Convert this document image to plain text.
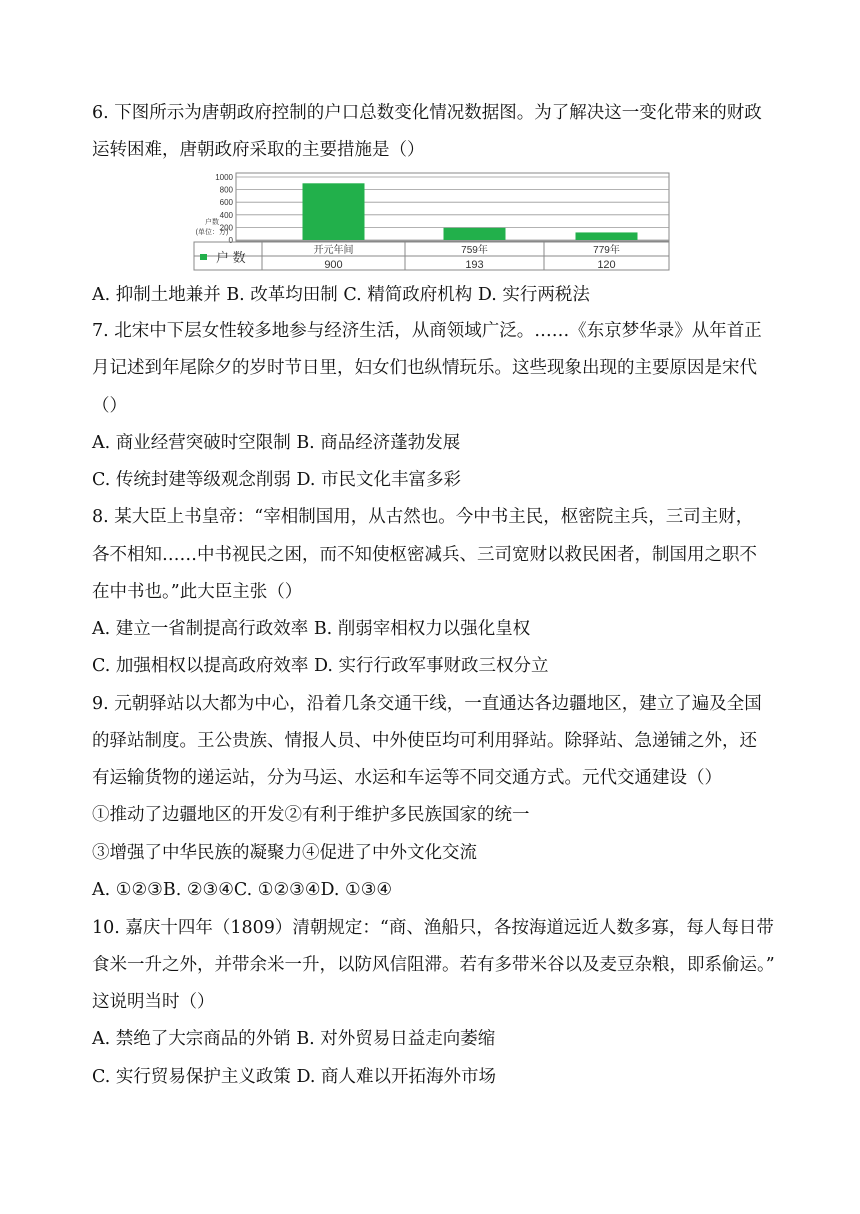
6. 下图所示为唐朝政府控制的户口总数变化情况数据图。为了解决这一变化带来的财政
运转困难，唐朝政府采取的主要措施是（）
0
200
400
600
800
1000
户数
(单位：万)
户 数	开元年间
900
759年
193
779年
120
A. 抑制土地兼并 B. 改革均田制 C. 精简政府机构 D. 实行两税法
7. 北宋中下层女性较多地参与经济生活，从商领域广泛。……《东京梦华录》从年首正
月记述到年尾除夕的岁时节日里，妇女们也纵情玩乐。这些现象出现的主要原因是宋代
（）
A. 商业经营突破时空限制 B. 商品经济蓬勃发展
C. 传统封建等级观念削弱 D. 市民文化丰富多彩
8. 某大臣上书皇帝：“宰相制国用，从古然也。今中书主民，枢密院主兵，三司主财，
各不相知……中书视民之困，而不知使枢密减兵、三司宽财以救民困者，制国用之职不
在中书也。”此大臣主张（）
A. 建立一省制提高行政效率 B. 削弱宰相权力以强化皇权
C. 加强相权以提高政府效率 D. 实行行政军事财政三权分立
9. 元朝驿站以大都为中心，沿着几条交通干线，一直通达各边疆地区，建立了遍及全国
的驿站制度。王公贵族、情报人员、中外使臣均可利用驿站。除驿站、急递铺之外，还
有运输货物的递运站，分为马运、水运和车运等不同交通方式。元代交通建设（）
①推动了边疆地区的开发②有利于维护多民族国家的统一
③增强了中华民族的凝聚力④促进了中外文化交流
A. ①②③B. ②③④C. ①②③④D. ①③④
10. 嘉庆十四年（1809）清朝规定：“商、渔船只，各按海道远近人数多寡，每人每日带
食米一升之外，并带余米一升，以防风信阻滞。若有多带米谷以及麦豆杂粮，即系偷运。”
这说明当时（）
A. 禁绝了大宗商品的外销 B. 对外贸易日益走向萎缩
C. 实行贸易保护主义政策 D. 商人难以开拓海外市场
